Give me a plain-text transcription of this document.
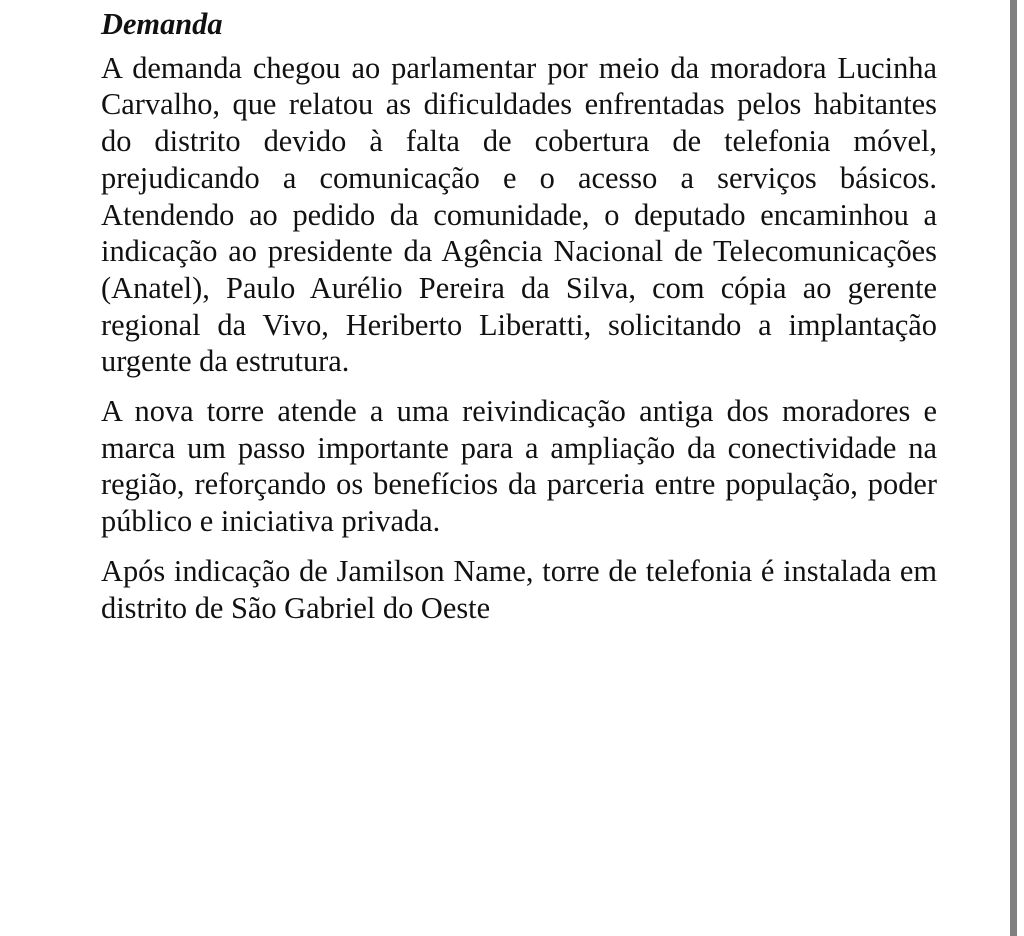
Demanda

A demanda chegou ao parlamentar por meio da moradora Lucinha Carvalho, que relatou as dificuldades enfrentadas pelos habitantes do distrito devido à falta de cobertura de telefonia móvel, prejudicando a comunicação e o acesso a serviços básicos. Atendendo ao pedido da comunidade, o deputado encaminhou a indicação ao presidente da Agência Nacional de Telecomunicações (Anatel), Paulo Aurélio Pereira da Silva, com cópia ao gerente regional da Vivo, Heriberto Liberatti, solicitando a implantação urgente da estrutura.

A nova torre atende a uma reivindicação antiga dos moradores e marca um passo importante para a ampliação da conectividade na região, reforçando os benefícios da parceria entre população, poder público e iniciativa privada.

Após indicação de Jamilson Name, torre de telefonia é instalada em distrito de São Gabriel do Oeste
